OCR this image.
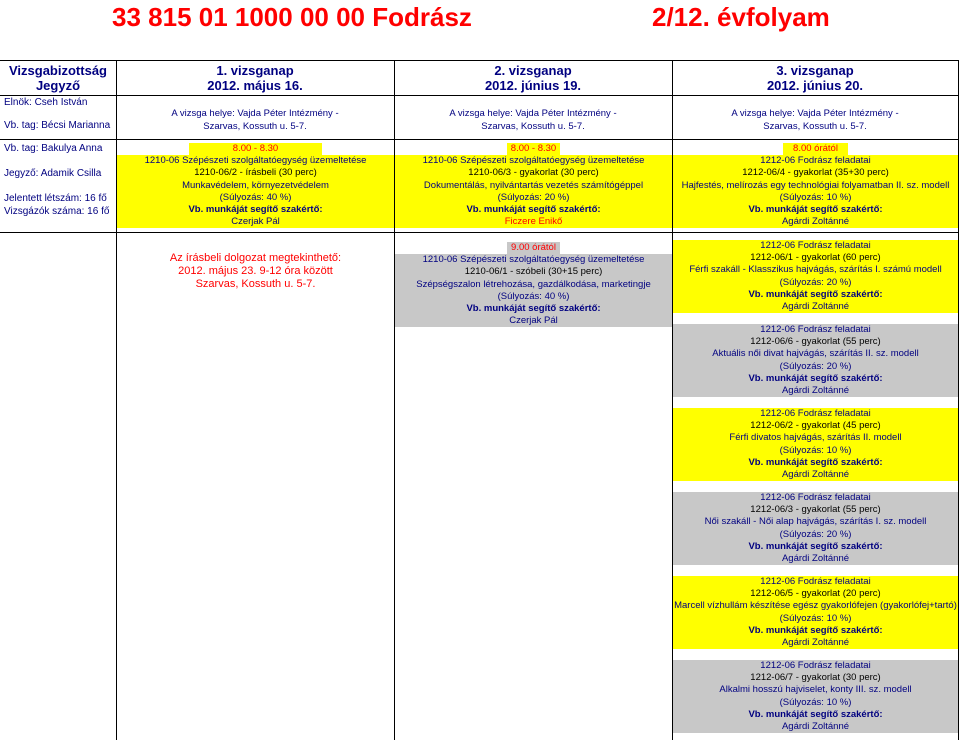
33 815 01 1000 00 00 Fodrász	2/12. évfolyam
Vizsgabizottság
Jegyző
1. vizsganap
2012. május 16.
2. vizsganap
2012. június 19.
3. vizsganap
2012. június 20.
Elnök: Cseh István
Vb. tag: Bécsi Marianna
Vb. tag: Bakulya Anna
Jegyző: Adamik Csilla
Jelentett létszám: 16 fő
Vizsgázók száma: 16 fő
A vizsga helye: Vajda Péter Intézmény -
Szarvas, Kossuth u. 5-7.
A vizsga helye: Vajda Péter Intézmény -
Szarvas, Kossuth u. 5-7.
A vizsga helye: Vajda Péter Intézmény -
Szarvas, Kossuth u. 5-7.
8.00 - 8.30
1210-06 Szépészeti szolgáltatóegység üzemeltetése
1210-06/2 - írásbeli (30 perc)
Munkavédelem, környezetvédelem
(Súlyozás: 40 %)
Vb. munkáját segítő szakértő:
Czerjak Pál
Az írásbeli dolgozat megtekinthető:
2012. május 23. 9-12 óra között
Szarvas, Kossuth u. 5-7.
8.00 - 8.30
1210-06 Szépészeti szolgáltatóegység üzemeltetése
1210-06/3 - gyakorlat (30 perc)
Dokumentálás, nyilvántartás vezetés számítógéppel
(Súlyozás: 20 %)
Vb. munkáját segítő szakértő:
Ficzere Enikő
9.00 órától
1210-06 Szépészeti szolgáltatóegység üzemeltetése
1210-06/1 - szóbeli (30+15 perc)
Szépségszalon létrehozása, gazdálkodása, marketingje
(Súlyozás: 40 %)
Vb. munkáját segítő szakértő:
Czerjak Pál
8.00 órától
1212-06 Fodrász feladatai
1212-06/4 - gyakorlat (35+30 perc)
Hajfestés, melírozás egy technológiai folyamatban II. sz. modell
(Súlyozás: 10 %)
Vb. munkáját segítő szakértő:
Agárdi Zoltánné
1212-06 Fodrász feladatai
1212-06/1 - gyakorlat (60 perc)
Férfi szakáll - Klasszikus hajvágás, szárítás I. számú modell
(Súlyozás: 20 %)
Vb. munkáját segítő szakértő:
Agárdi Zoltánné
1212-06 Fodrász feladatai
1212-06/6 - gyakorlat (55 perc)
Aktuális női divat hajvágás, szárítás II. sz. modell
(Súlyozás: 20 %)
Vb. munkáját segítő szakértő:
Agárdi Zoltánné
1212-06 Fodrász feladatai
1212-06/2 - gyakorlat (45 perc)
Férfi divatos hajvágás, szárítás II. modell
(Súlyozás: 10 %)
Vb. munkáját segítő szakértő:
Agárdi Zoltánné
1212-06 Fodrász feladatai
1212-06/3 - gyakorlat (55 perc)
Női szakáll - Női alap hajvágás, szárítás I. sz. modell
(Súlyozás: 20 %)
Vb. munkáját segítő szakértő:
Agárdi Zoltánné
1212-06 Fodrász feladatai
1212-06/5 - gyakorlat (20 perc)
Marcell vízhullám készítése egész gyakorlófejen (gyakorlófej+tartó)
(Súlyozás: 10 %)
Vb. munkáját segítő szakértő:
Agárdi Zoltánné
1212-06 Fodrász feladatai
1212-06/7 - gyakorlat (30 perc)
Alkalmi hosszú hajviselet, konty III. sz. modell
(Súlyozás: 10 %)
Vb. munkáját segítő szakértő:
Agárdi Zoltánné
